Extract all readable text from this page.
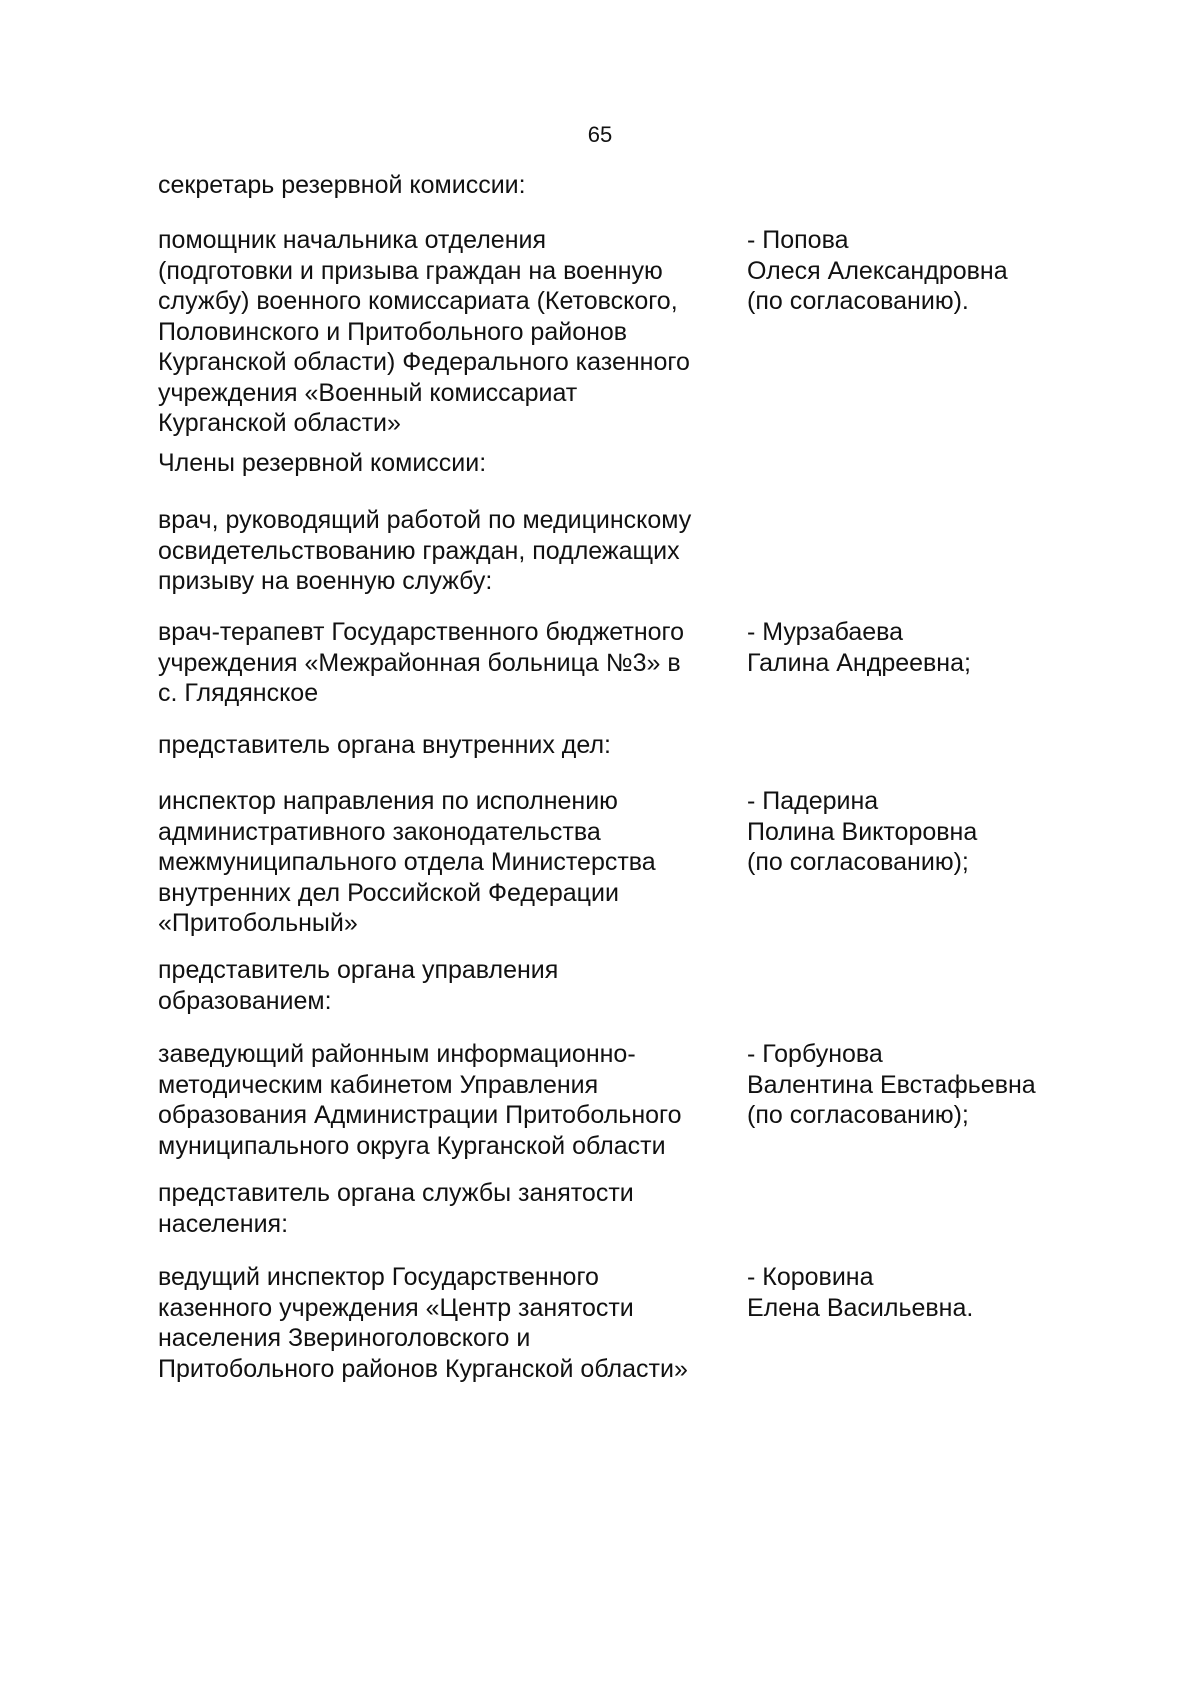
65
секретарь резервной комиссии:
помощник начальника отделения
(подготовки и призыва граждан на военную
службу) военного комиссариата (Кетовского,
Половинского и Притобольного районов
Курганской области) Федерального казенного
учреждения «Военный комиссариат
Курганской области»
- Попова
Олеся Александровна
(по согласованию).
Члены резервной комиссии:
врач, руководящий работой по медицинскому
освидетельствованию граждан, подлежащих
призыву на военную службу:
врач-терапевт Государственного бюджетного
учреждения «Межрайонная больница №3» в
с. Глядянское
- Мурзабаева
Галина Андреевна;
представитель органа внутренних дел:
инспектор направления по исполнению
административного законодательства
межмуниципального отдела Министерства
внутренних дел Российской Федерации
«Притобольный»
- Падерина
Полина Викторовна
(по согласованию);
представитель органа управления
образованием:
заведующий районным информационно-
методическим кабинетом Управления
образования Администрации Притобольного
муниципального округа Курганской области
- Горбунова
Валентина Евстафьевна
(по согласованию);
представитель органа службы занятости
населения:
ведущий инспектор Государственного
казенного учреждения «Центр занятости
населения Звериноголовского и
Притобольного районов Курганской области»
- Коровина
Елена Васильевна.
